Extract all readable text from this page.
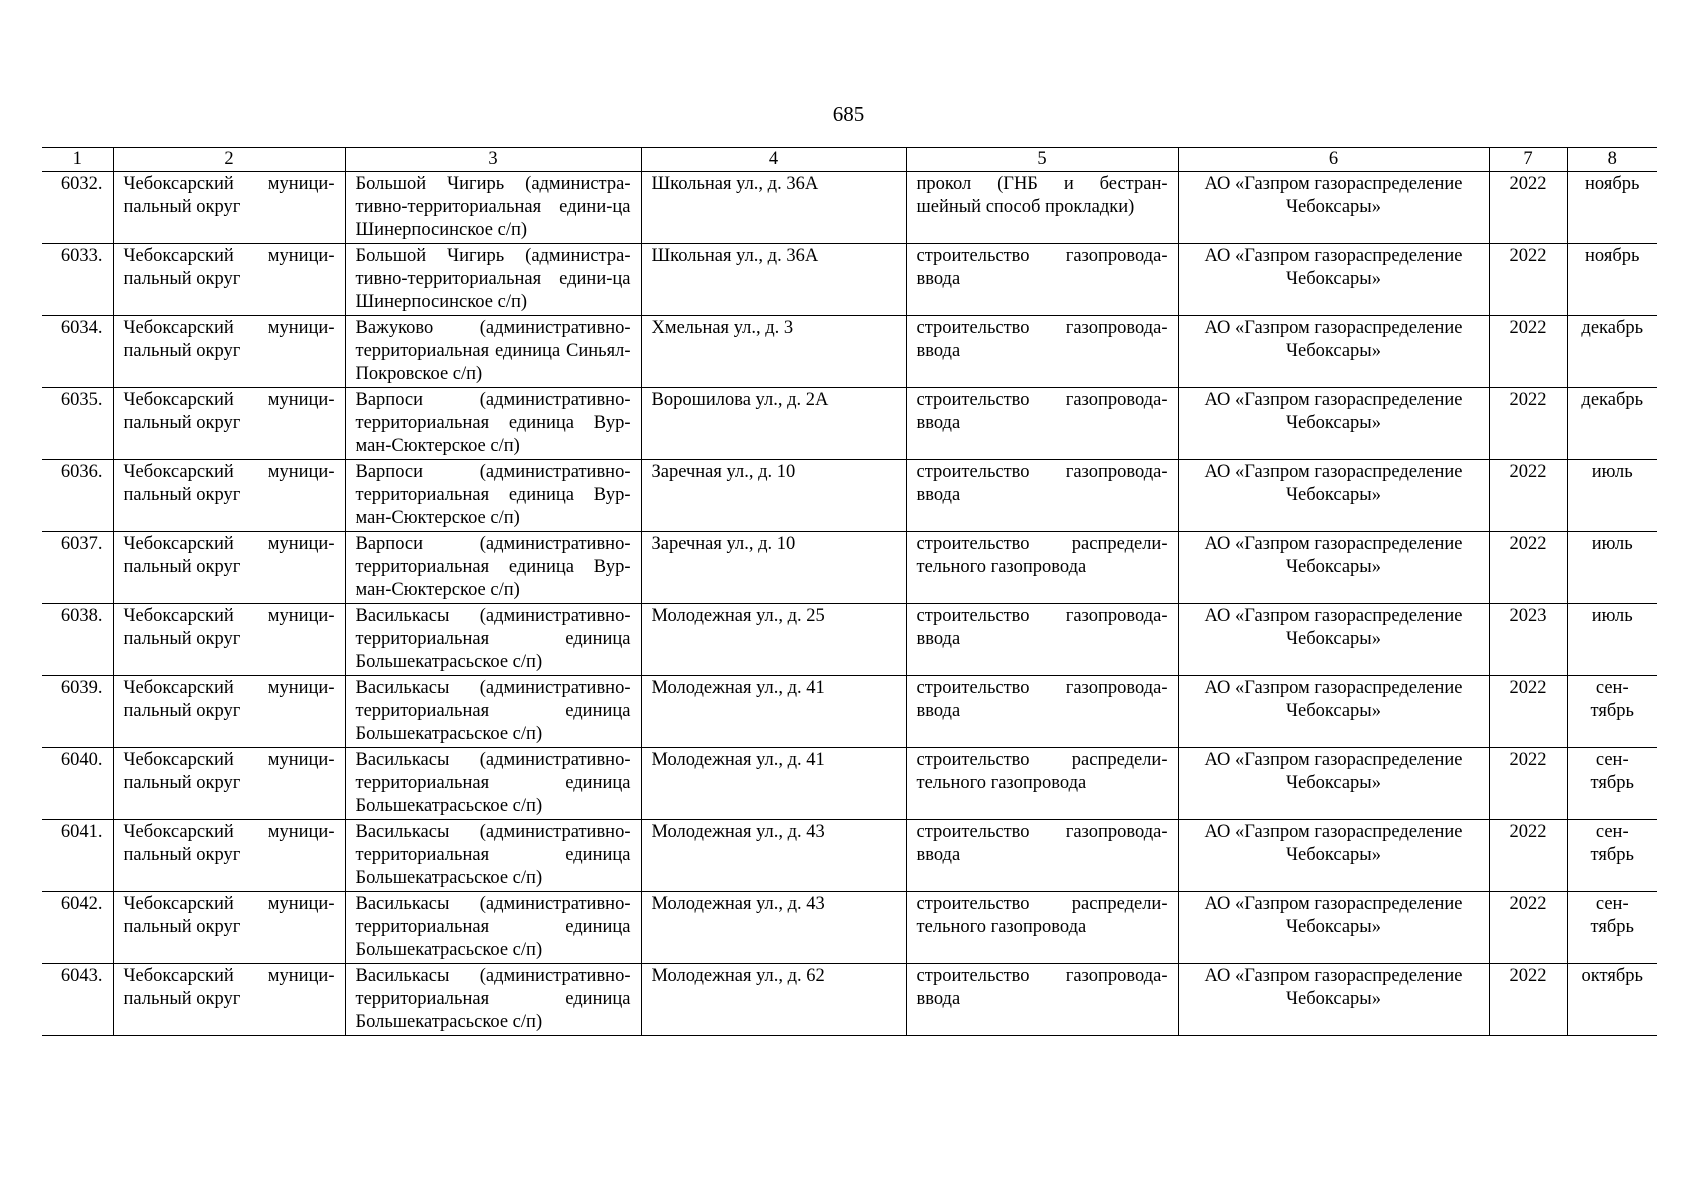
685
1	2	3	4	5	6	7	8
6032.	Чебоксарский муници-пальный округ	Большой Чигирь (администра-тивно-территориальная едини-ца Шинерпосинское с/п)	Школьная ул., д. 36А	прокол (ГНБ и бестран-шейный способ прокладки)	АО «Газпром газораспределение Чебоксары»	2022	ноябрь
6033.	Чебоксарский муници-пальный округ	Большой Чигирь (администра-тивно-территориальная едини-ца Шинерпосинское с/п)	Школьная ул., д. 36А	строительство газопровода-ввода	АО «Газпром газораспределение Чебоксары»	2022	ноябрь
6034.	Чебоксарский муници-пальный округ	Важуково (административно-территориальная единица Синьял-Покровское с/п)	Хмельная ул., д. 3	строительство газопровода-ввода	АО «Газпром газораспределение Чебоксары»	2022	декабрь
6035.	Чебоксарский муници-пальный округ	Варпоси (административно-территориальная единица Вур-ман-Сюктерское с/п)	Ворошилова ул., д. 2А	строительство газопровода-ввода	АО «Газпром газораспределение Чебоксары»	2022	декабрь
6036.	Чебоксарский муници-пальный округ	Варпоси (административно-территориальная единица Вур-ман-Сюктерское с/п)	Заречная ул., д. 10	строительство газопровода-ввода	АО «Газпром газораспределение Чебоксары»	2022	июль
6037.	Чебоксарский муници-пальный округ	Варпоси (административно-территориальная единица Вур-ман-Сюктерское с/п)	Заречная ул., д. 10	строительство распредели-тельного газопровода	АО «Газпром газораспределение Чебоксары»	2022	июль
6038.	Чебоксарский муници-пальный округ	Василькасы (административно-территориальная единица Большекатрасьское с/п)	Молодежная ул., д. 25	строительство газопровода-ввода	АО «Газпром газораспределение Чебоксары»	2023	июль
6039.	Чебоксарский муници-пальный округ	Василькасы (административно-территориальная единица Большекатрасьское с/п)	Молодежная ул., д. 41	строительство газопровода-ввода	АО «Газпром газораспределение Чебоксары»	2022	сен-тябрь
6040.	Чебоксарский муници-пальный округ	Василькасы (административно-территориальная единица Большекатрасьское с/п)	Молодежная ул., д. 41	строительство распредели-тельного газопровода	АО «Газпром газораспределение Чебоксары»	2022	сен-тябрь
6041.	Чебоксарский муници-пальный округ	Василькасы (административно-территориальная единица Большекатрасьское с/п)	Молодежная ул., д. 43	строительство газопровода-ввода	АО «Газпром газораспределение Чебоксары»	2022	сен-тябрь
6042.	Чебоксарский муници-пальный округ	Василькасы (административно-территориальная единица Большекатрасьское с/п)	Молодежная ул., д. 43	строительство распредели-тельного газопровода	АО «Газпром газораспределение Чебоксары»	2022	сен-тябрь
6043.	Чебоксарский муници-пальный округ	Василькасы (административно-территориальная единица Большекатрасьское с/п)	Молодежная ул., д. 62	строительство газопровода-ввода	АО «Газпром газораспределение Чебоксары»	2022	октябрь
